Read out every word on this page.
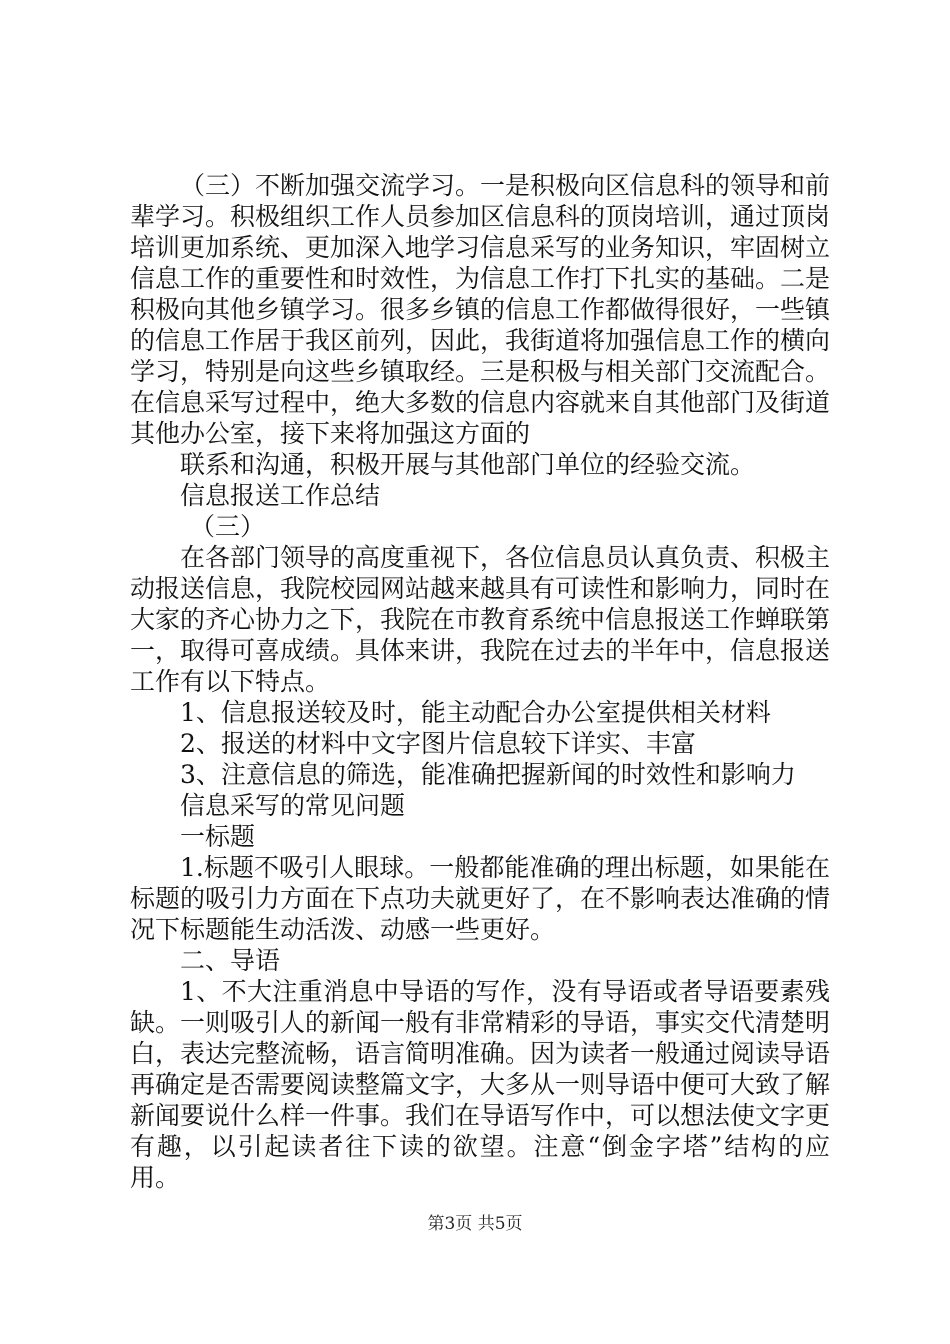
（三）不断加强交流学习。一是积极向区信息科的领导和前辈学习。积极组织工作人员参加区信息科的顶岗培训，通过顶岗培训更加系统、更加深入地学习信息采写的业务知识，牢固树立信息工作的重要性和时效性，为信息工作打下扎实的基础。二是积极向其他乡镇学习。很多乡镇的信息工作都做得很好，一些镇的信息工作居于我区前列，因此，我街道将加强信息工作的横向学习，特别是向这些乡镇取经。三是积极与相关部门交流配合。在信息采写过程中，绝大多数的信息内容就来自其他部门及街道其他办公室，接下来将加强这方面的

联系和沟通，积极开展与其他部门单位的经验交流。

信息报送工作总结

（三）

在各部门领导的高度重视下，各位信息员认真负责、积极主动报送信息，我院校园网站越来越具有可读性和影响力，同时在大家的齐心协力之下，我院在市教育系统中信息报送工作蝉联第一，取得可喜成绩。具体来讲，我院在过去的半年中，信息报送工作有以下特点。

1、信息报送较及时，能主动配合办公室提供相关材料

2、报送的材料中文字图片信息较下详实、丰富

3、注意信息的筛选，能准确把握新闻的时效性和影响力

信息采写的常见问题

一标题

1.标题不吸引人眼球。一般都能准确的理出标题，如果能在标题的吸引力方面在下点功夫就更好了，在不影响表达准确的情况下标题能生动活泼、动感一些更好。

二、导语

1、不大注重消息中导语的写作，没有导语或者导语要素残缺。一则吸引人的新闻一般有非常精彩的导语，事实交代清楚明白，表达完整流畅，语言简明准确。因为读者一般通过阅读导语再确定是否需要阅读整篇文字，大多从一则导语中便可大致了解新闻要说什么样一件事。我们在导语写作中，可以想法使文字更有趣，以引起读者往下读的欲望。注意“倒金字塔”结构的应用。

第3页 共5页
